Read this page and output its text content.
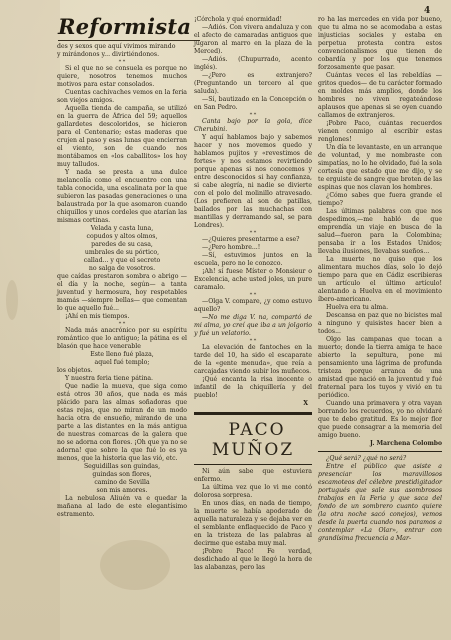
Reformista
4

des y sexos que aquí vivimos mirando

y mirándonos y... divirtiéndonos.

* *

Si el que no se consuela es porque no quiere, nosotros tenemos muchos motivos para estar consolados.

Cuentas cachivaches vemos en la feria son viejos amigos.

Aquella tienda de campaña, se utilizó en la guerra de África del 59; aquellos gallardetes descoloridos, se hicieron para el Centenario; estas maderas que crujen al paso y esas lunas que encierran el viento, son de cuando nos montábamos en «los caballitos» los hoy muy talludos.

Y nada se presta a una dulce melancolía como el encuentro con una tabla conocida, una escalinata por la que subieron las pasadas generaciones o una balaustrada por la que asomaron cuando chiquillos y unos cordeles que atarían las mismas cortinas.

Velada y casta luna,

copudos y altos olmos,

paredes de su casa,

umbrales de su pórtico,

callad... y que el secreto

no salga de vosotros.

que caídas prestaron sombra o abrigo —el día y la noche, según— a tanta juventud y hermosura, hoy respetables mamás —siempre bellas— que comentan lo que aquello fué...

¡Ahí en mis tiempos.

* *

Nada más anacrónico por su espíritu romántico que lo antiguo; la pátina es el blasón que hace venerable

Este lleno fué plaza,

aquel fué templo;

los objetos.

Y nuestra feria tiene pátina.

Que nadie la mueva, que siga como está otros 30 años, que nada es más plácido para las almas soñadoras que estas rejas, que no miran de un modo hacia otra de ensueño, mirando de una parte a las distantes en la más antigua de nuestras comarcas de la galera que no se adorna con flores. ¡Oh que ya no se adorna! que sobre la que fué lo es ya menos, que la historia que las vió, etc.

Seguidillas son guindas,

guindas son flores,

camino de Sevilla

son mis amores.

La nebulosa Aliuén va e quedar la mañana al lado de este elegantísimo estramento.

¡Córchola y qué enormidad!

—Adiós. Con vivera andaluza y con el afecto de camaradas antiguos que jugaron al marro en la plaza de la Merced).

—Adiós. (Chupurrado, acento inglés).

—¿Pero es extranjero? (Preguntando un tercero al que saluda).

—Sí, bautizado en la Concepción o en San Pedro.

* *

Canta bajo por la gola, dice Cherubini.

Y aquí hablamos bajo y sabemos hacer y nos movemos quedo y hablamos pujitos y «revestimos de fortes» y nos estamos revirtiendo porque apenas si nos conocemos y entre desconocidos si hay confianza, si cabe alegría, ni nadie se divierte con el polo del molinillo atravesado. (Los prefieren al son de patillas, bailados por las muchachas con mantillas y derramando sal, se para Londres).

* *

—¿Quieres presentarme a ese?

—¿Pero hombre...!

—Sí, estuvimos juntos en la escuela, pero no le conozco.

¡Ah! sí fuese Míster o Monsieur o Excelencia, ache usted joles, un pure caramalo.

* *

—Olga V. compare, ¿y como estuvo aquello?

—No me diga V. na, compartó de mi alma, yo creí que iba a un jolgorio y fué un velatorio.

* *

La elevación de fantoches en la tarde del 10, ha sido el escaparate de la «gente menuda», que reía a carcajadas viendo subir los muñecos.

¡Qué encanta la risa inocente o infantil de la chiquillería y del pueblo!

X

PACO MUÑOZ

Ni aún sabe que estuviera enfermo.

La última vez que lo vi me contó dolorosa sorpresa.

En unos días, en nada de tiempo, la muerte se había apoderado de aquella naturaleza y se dejaba ver en el semblante enflaquecido de Paco y en la tristeza de las palabras al decirme que estaba muy mal.

¡Pobre Paco! Fe verdad, desdichado al que le llegó la hora de las alabanzas, pero las

ro ha las mercedes en vida por bueno, que tu alma no se acomodaba a estas injusticias sociales y estaba en perpetua protesta contra estos convencionalismos que tienen de cobardía y por los que tenemos forzosamente que pasar.

Cuántas veces el las rebeldías —gritos quedos— de tu carácter formado en moldes más amplios, donde los hombres no viven regateándose aplausos que apenas si se oyen cuando callamos de extranjeros.

¡Pobre Paco, cuántas recuerdos vienen conmigo al escribir estas renglones!

Un día te levantaste, en un arranque de voluntad, y me nombraste con simpatías, no lo he olvidado, fué la sola cortesía que estado que me dijo, y se te erguiste de sangre que broten de las espinas que nos clavan los hombres.

¿Cómo sabes que fuera grande el tiempo?

Las últimas palabras con que nos despedimos,—me habló de que emprendía un viaje en busca de la salud—fueron para la Colombina; pensaba ir a los Estados Unidos; llevaba ilusiones, llevabas sueños...

La muerte no quiso que los alimentara muchos días, solo lo dejó tiempo para que en Cádiz escribieras un artículo el último artículo! alentando a Huelva en el movimiento íbero-americano.

Huelva era tu alma.

Descansa en paz que no bicistes mal a ninguno y quisistes hacer bien a todos...

Olgo las campanas que tocan a muerto; donde la tierra amiga te hace abierto la sepultura, pone mi pensamiento una lágrima de profunda tristeza porque arranca de una amistad que nació en la juventud y fué fraternal para los tuyos y vivió en tu periódico.

Cuando una primavera y otra vayan borrando los recuerdos, yo no olvidaré que te debo gratitud. Es lo mejor flor que puede consagrar a la memoria del amigo bueno.

J. Marchena Colombo

¿Qué será? ¿qué no será?

Entre el público que asiste a presenciar los maravillosos escamoteos del célebre prestidigitador portugués que sale sus asombrosos trabajos en la Feria y que saca del fondo de un sombrero cuanto quiere (la otra noche sacó conejos), vemos desde la puerta cuando nos paramos a contemplar «La Olar», entrar con grandísima frecuencia a Mar-
